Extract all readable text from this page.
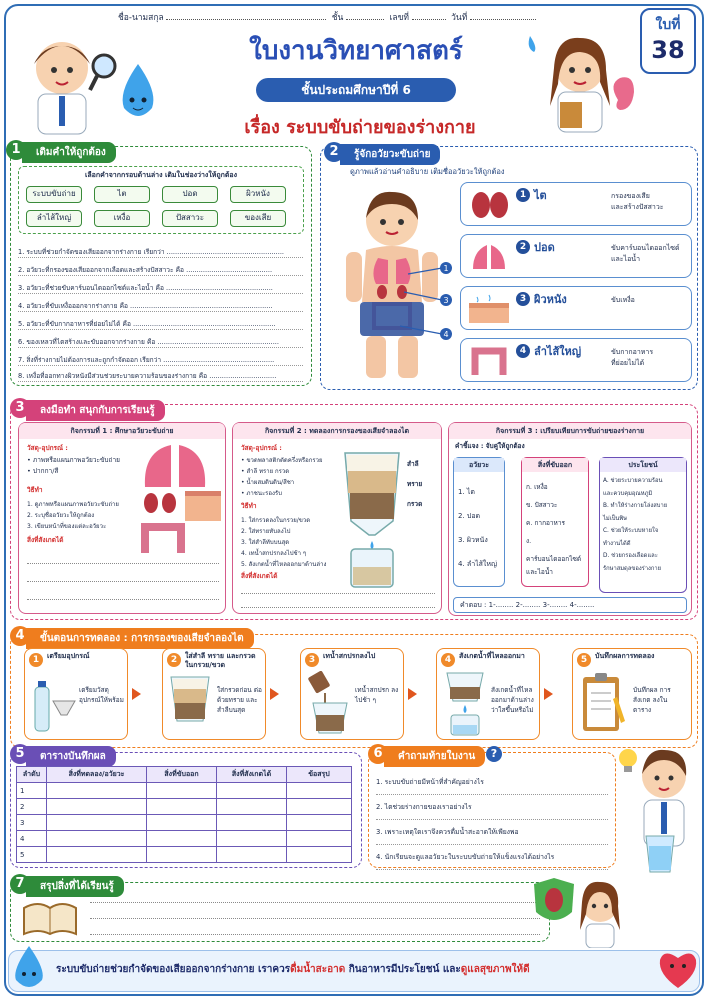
ชื่อ-นามสกุล	ชั้น	เลขที่	วันที่	ใบที่
38
ใบงานวิทยาศาสตร์
ชั้นประถมศึกษาปีที่ 6
เรื่อง ระบบขับถ่ายของร่างกาย
1	เติมคำให้ถูกต้อง
เลือกคำจากกรอบด้านล่าง เติมในช่องว่างให้ถูกต้อง
ระบบขับถ่าย	ไต	ปอด	ผิวหนัง
ลำไส้ใหญ่	เหงื่อ	ปัสสาวะ	ของเสีย
1. ระบบที่ช่วยกำจัดของเสียออกจากร่างกาย เรียกว่า ........................................................
2. อวัยวะที่กรองของเสียออกจากเลือดและสร้างปัสสาวะ คือ .........................................
3. อวัยวะที่ช่วยขับคาร์บอนไดออกไซด์และไอน้ำ คือ ...................................................
4. อวัยวะที่ขับเหงื่อออกจากร่างกาย คือ ....................................................................
5. อวัยวะที่ขับกากอาหารที่ย่อยไม่ได้ คือ ....................................................................
6. ของเหลวที่ไตสร้างและขับออกจากร่างกาย คือ ..........................................................
7. สิ่งที่ร่างกายไม่ต้องการและถูกกำจัดออก เรียกว่า .....................................................
8. เหงื่อที่ออกทางผิวหนังมีส่วนช่วยระบายความร้อนของร่างกาย คือ ................................
2	รู้จักอวัยวะขับถ่าย
ดูภาพแล้วอ่านคำอธิบาย เติมชื่ออวัยวะให้ถูกต้อง
1
3
4
1 ไต	กรองของเสีย
และสร้างปัสสาวะ
2 ปอด	ขับคาร์บอนไดออกไซด์
และไอน้ำ
3 ผิวหนัง	ขับเหงื่อ
4 ลำไส้ใหญ่	ขับกากอาหาร
ที่ย่อยไม่ได้
3	ลงมือทำ สนุกกับการเรียนรู้
กิจกรรมที่ 1 : ศึกษาอวัยวะขับถ่าย
วัสดุ-อุปกรณ์ :
• ภาพหรือแผนภาพอวัยวะขับถ่าย
• ปากกา/สี
วิธีทำ
1. ดูภาพหรือแผนภาพอวัยวะขับถ่าย
2. ระบุชื่ออวัยวะให้ถูกต้อง
3. เขียนหน้าที่ของแต่ละอวัยวะ
สิ่งที่สังเกตได้
กิจกรรมที่ 2 : ทดลองการกรองของเสียจำลองไต
วัสดุ-อุปกรณ์ :
• ขวดพลาสติกตัดครึ่งหรือกรวย
• สำลี ทราย กรวด
• น้ำผสมดินดิน/สีชา
• ภาชนะรองรับ
วิธีทำ
1. ใส่กรวดลงในกรวย/ขวด
2. ใส่ทรายทับลงไป
3. ใส่สำลีทับบนสุด
4. เทน้ำสกปรกลงไปช้า ๆ
5. สังเกตน้ำที่ไหลออกมาด้านล่าง
สิ่งที่สังเกตได้
สำลี
ทราย
กรวด
กิจกรรมที่ 3 : เปรียบเทียบการขับถ่ายของร่างกาย
คำชี้แจง : จับคู่ให้ถูกต้อง
อวัยวะ
1. ไต
2. ปอด
3. ผิวหนัง
4. ลำไส้ใหญ่
สิ่งที่ขับออก
ก. เหงื่อ
ข. ปัสสาวะ
ค. กากอาหาร
ง. คาร์บอนไดออกไซด์
และไอน้ำ
ประโยชน์
A. ช่วยระบายความร้อน
และควบคุมอุณหภูมิ
B. ทำให้ร่างกายโล่งสบาย
ไม่เป็นพิษ
C. ช่วยให้ระบบหายใจ
ทำงานได้ดี
D. ช่วยกรองเลือดและ
รักษาสมดุลของร่างกาย
คำตอบ : 1-........ 2-........ 3-........ 4-........
4	ขั้นตอนการทดลอง : การกรองของเสียจำลองไต
1	เตรียมอุปกรณ์
เตรียมวัสดุอุปกรณ์ให้พร้อม
2	ใส่สำลี ทราย และกรวด ในกรวย/ขวด
ใส่กรวดก่อน ต่อด้วยทราย และสำลีบนสุด
3	เทน้ำสกปรกลงไป
เทน้ำสกปรก ลงไปช้า ๆ
4	สังเกตน้ำที่ไหลออกมา
สังเกตน้ำที่ไหล ออกมาด้านล่าง ว่าใสขึ้นหรือไม่
5	บันทึกผลการทดลอง
บันทึกผล การสังเกต ลงในตาราง
5	ตารางบันทึกผล
ลำดับ	สิ่งที่ทดลอง/อวัยวะ	สิ่งที่ขับออก	สิ่งที่สังเกตได้	ข้อสรุป
1				
2				
3				
4				
5				
6	คำถามท้ายใบงาน	?
1. ระบบขับถ่ายมีหน้าที่สำคัญอย่างไร
2. ไตช่วยร่างกายของเราอย่างไร
3. เพราะเหตุใดเราจึงควรดื่มน้ำสะอาดให้เพียงพอ
4. นักเรียนจะดูแลอวัยวะในระบบขับถ่ายให้แข็งแรงได้อย่างไร
7	สรุปสิ่งที่ได้เรียนรู้
ระบบขับถ่ายช่วยกำจัดของเสียออกจากร่างกาย เราควรดื่มน้ำสะอาด กินอาหารมีประโยชน์ และดูแลสุขภาพให้ดี
